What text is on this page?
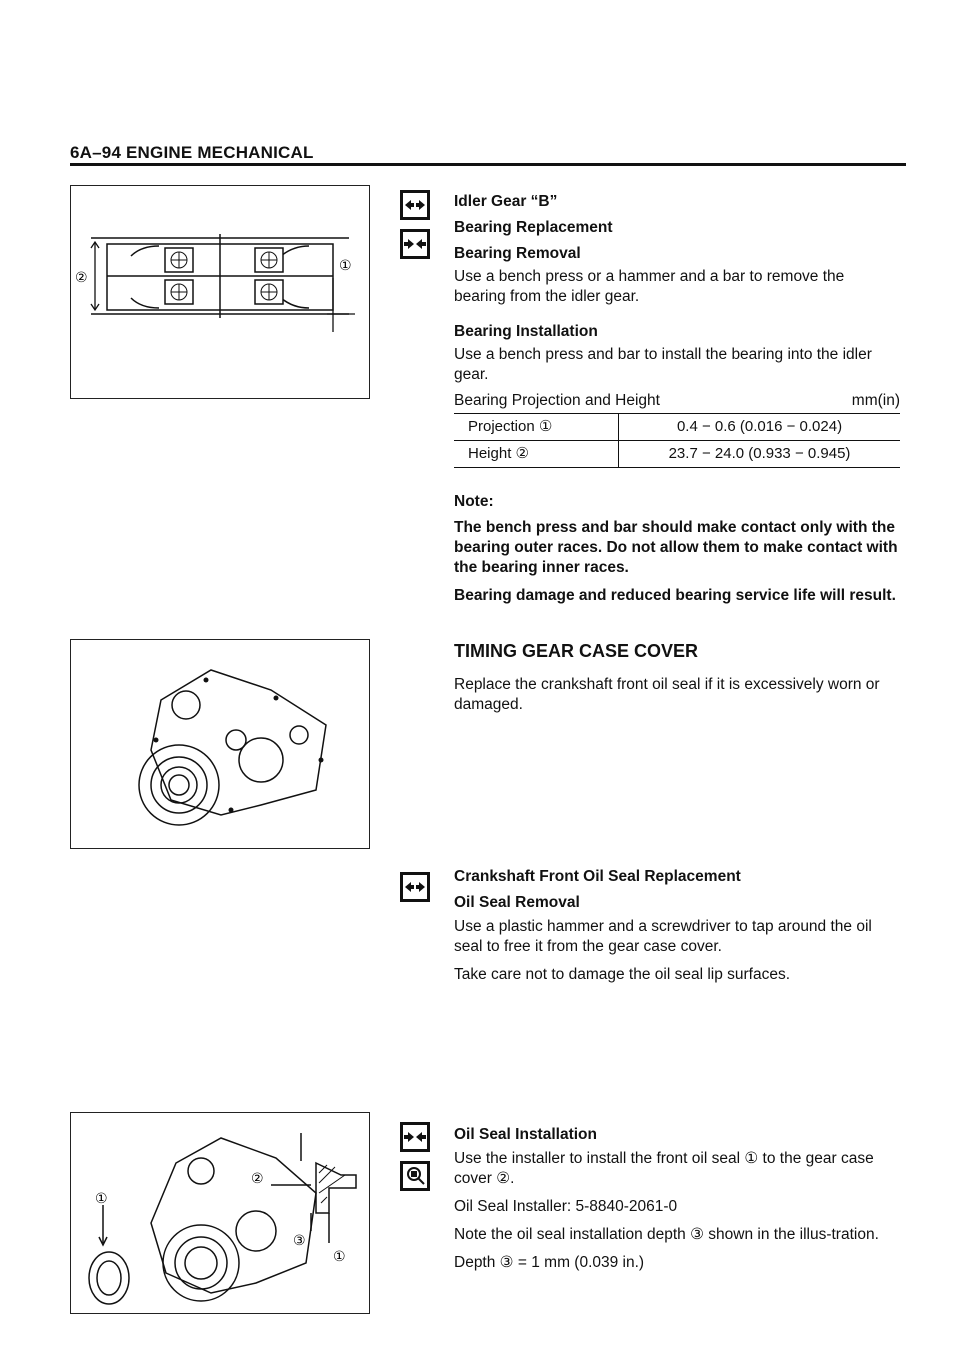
6A–94 ENGINE MECHANICAL
②
①
①
②
③
①
Idler Gear “B”
Bearing Replacement
Bearing Removal
Use a bench press or a hammer and a bar to remove the bearing from the idler gear.
Bearing Installation
Use a bench press and bar to install the bearing into the idler gear.
Bearing Projection and Height	mm(in)
Projection ①	0.4 − 0.6 (0.016 − 0.024)
Height ②	23.7 − 24.0 (0.933 − 0.945)
Note:
The bench press and bar should make contact only with the bearing outer races. Do not allow them to make contact with the bearing inner races.
Bearing damage and reduced bearing service life will result.
TIMING GEAR CASE COVER
Replace the crankshaft front oil seal if it is excessively worn or damaged.
Crankshaft Front Oil Seal Replacement
Oil Seal Removal
Use a plastic hammer and a screwdriver to tap around the oil seal to free it from the gear case cover.
Take care not to damage the oil seal lip surfaces.
Oil Seal Installation
Use the installer to install the front oil seal ① to the gear case cover ②.
Oil Seal Installer: 5-8840-2061-0
Note the oil seal installation depth ③ shown in the illus-tration.
Depth ③ = 1 mm (0.039 in.)
